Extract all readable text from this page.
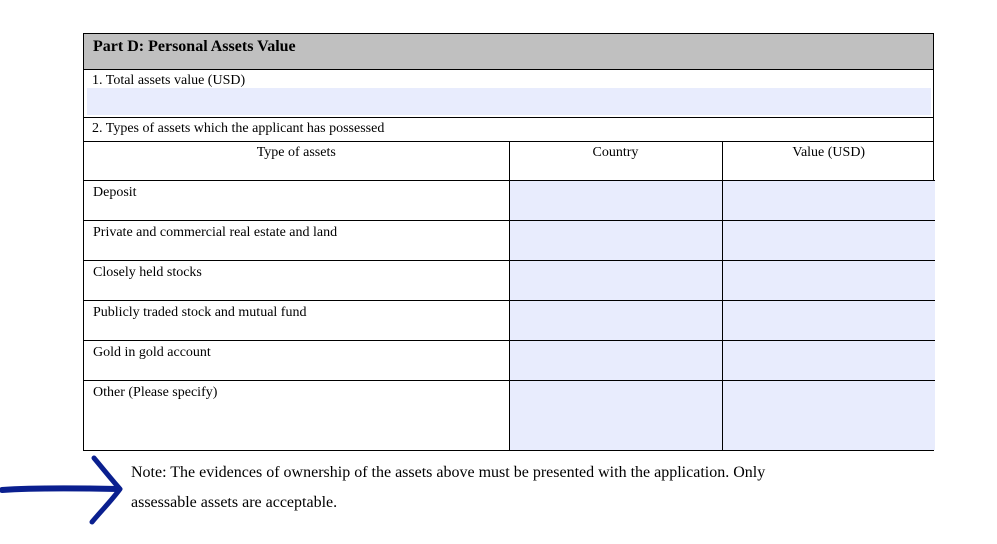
Part D: Personal Assets Value
1. Total assets value (USD)
2. Types of assets which the applicant has possessed
Type of assets	Country	Value (USD)
Deposit		
Private and commercial real estate and land		
Closely held stocks		
Publicly traded stock and mutual fund		
Gold in gold account		
Other (Please specify)		
Note: The evidences of ownership of the assets above must be presented with the application. Only
assessable assets are acceptable.
